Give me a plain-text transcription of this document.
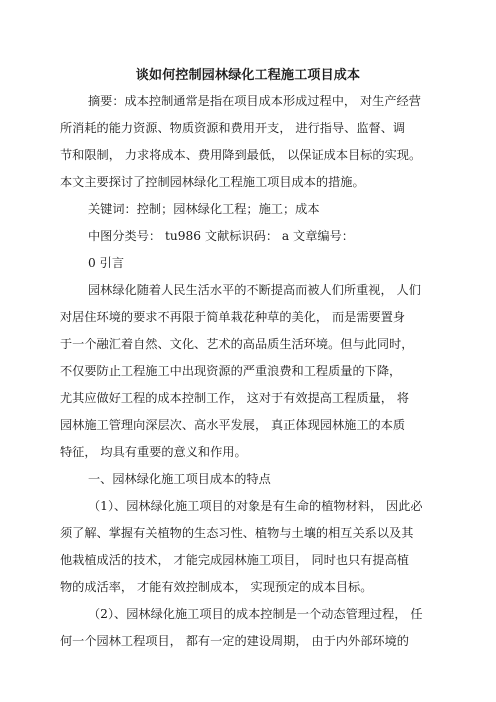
谈如何控制园林绿化工程施工项目成本
摘要：成本控制通常是指在项目成本形成过程中， 对生产经营
所消耗的能力资源、物质资源和费用开支， 进行指导、监督、调
节和限制， 力求将成本、费用降到最低， 以保证成本目标的实现。
本文主要探讨了控制园林绿化工程施工项目成本的措施。
关键词：控制；园林绿化工程；施工；成本
中图分类号： tu986 文献标识码： a 文章编号：
0 引言
园林绿化随着人民生活水平的不断提高而被人们所重视， 人们
对居住环境的要求不再限于简单栽花种草的美化， 而是需要置身
于一个融汇着自然、文化、艺术的高品质生活环境。但与此同时，
不仅要防止工程施工中出现资源的严重浪费和工程质量的下降，
尤其应做好工程的成本控制工作， 这对于有效提高工程质量， 将
园林施工管理向深层次、高水平发展， 真正体现园林施工的本质
特征， 均具有重要的意义和作用。
一、园林绿化施工项目成本的特点
（1）、园林绿化施工项目的对象是有生命的植物材料， 因此必
须了解、掌握有关植物的生态习性、植物与土壤的相互关系以及其
他栽植成活的技术， 才能完成园林施工项目， 同时也只有提高植
物的成活率， 才能有效控制成本， 实现预定的成本目标。
（2）、园林绿化施工项目的成本控制是一个动态管理过程， 任
何一个园林工程项目， 都有一定的建设周期， 由于内外部环境的
